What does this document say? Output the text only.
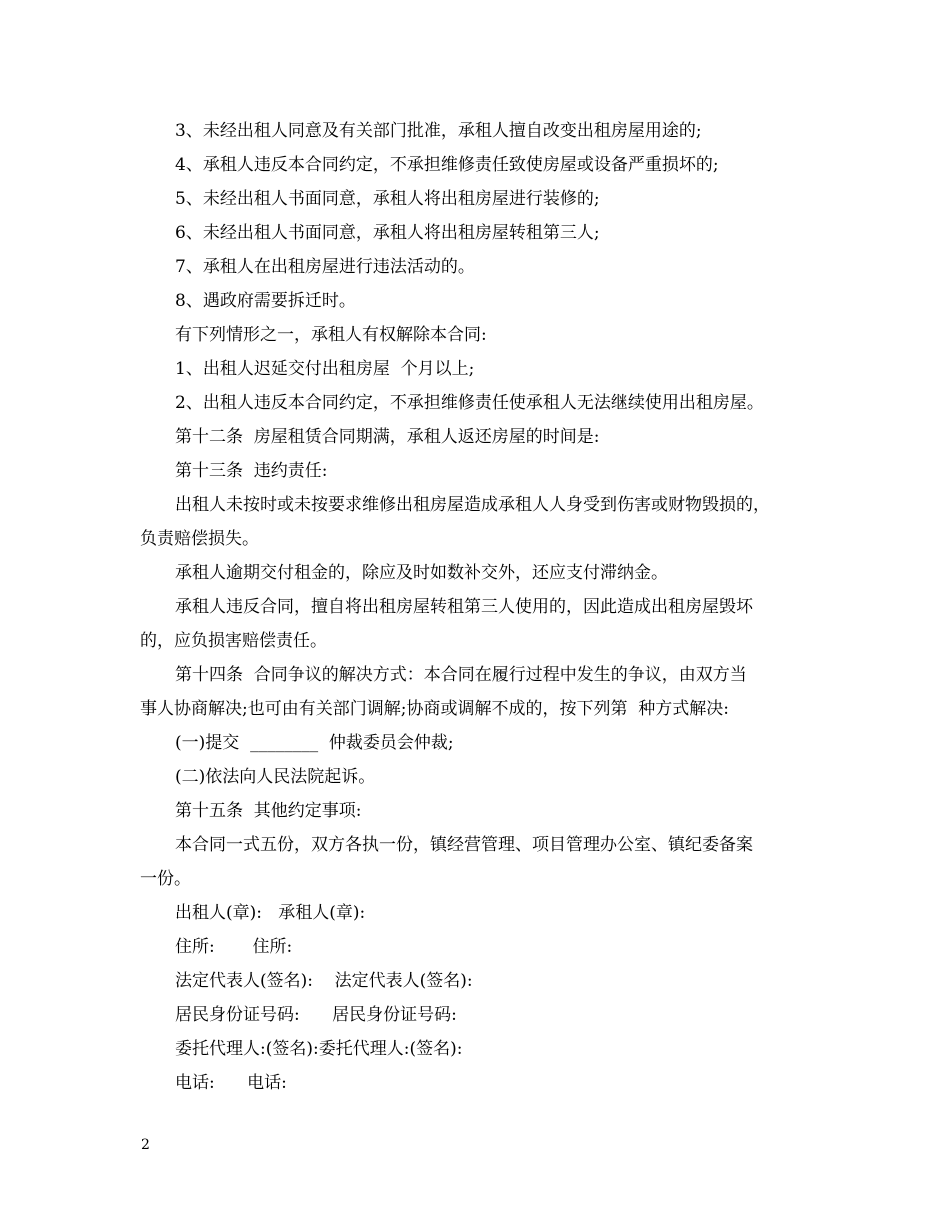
3、未经出租人同意及有关部门批准，承租人擅自改变出租房屋用途的;
4、承租人违反本合同约定，不承担维修责任致使房屋或设备严重损坏的;
5、未经出租人书面同意，承租人将出租房屋进行装修的;
6、未经出租人书面同意，承租人将出租房屋转租第三人;
7、承租人在出租房屋进行违法活动的。
8、遇政府需要拆迁时。
有下列情形之一，承租人有权解除本合同:
1、出租人迟延交付出租房屋  个月以上;
2、出租人违反本合同约定，不承担维修责任使承租人无法继续使用出租房屋。
第十二条  房屋租赁合同期满，承租人返还房屋的时间是:
第十三条  违约责任:
出租人未按时或未按要求维修出租房屋造成承租人人身受到伤害或财物毁损的，
负责赔偿损失。
承租人逾期交付租金的，除应及时如数补交外，还应支付滞纳金。
承租人违反合同，擅自将出租房屋转租第三人使用的，因此造成出租房屋毁坏
的，应负损害赔偿责任。
第十四条  合同争议的解决方式：本合同在履行过程中发生的争议，由双方当
事人协商解决;也可由有关部门调解;协商或调解不成的，按下列第  种方式解决:
(一)提交  ________  仲裁委员会仲裁;
(二)依法向人民法院起诉。
第十五条  其他约定事项:
本合同一式五份，双方各执一份，镇经营管理、项目管理办公室、镇纪委备案
一份。
出租人(章):   承租人(章):
住所:       住所:
法定代表人(签名):    法定代表人(签名):
居民身份证号码:      居民身份证号码:
委托代理人:(签名):委托代理人:(签名):
电话:      电话:
2
